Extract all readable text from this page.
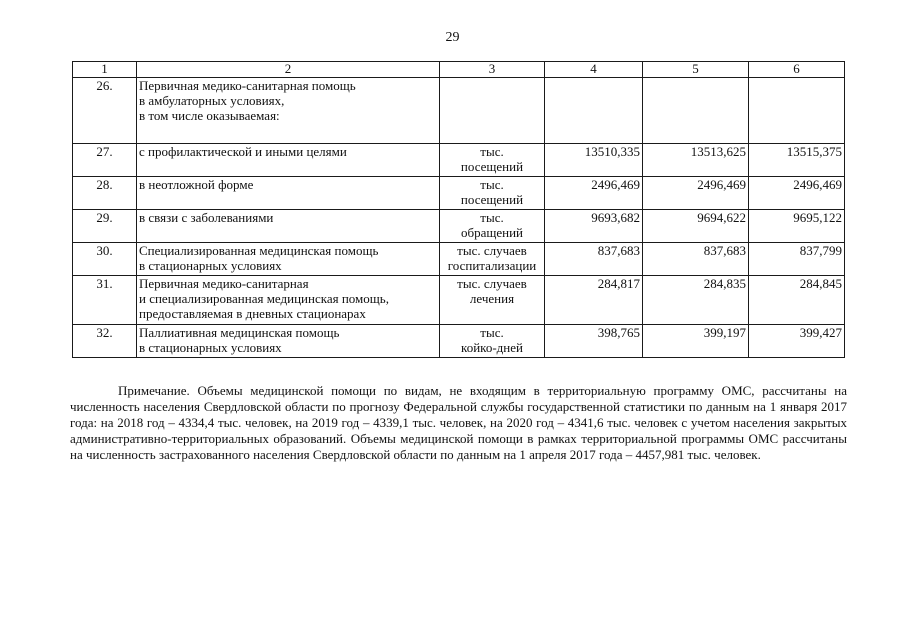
29
1	2	3	4	5	6
26.	Первичная медико-санитарная помощь
в амбулаторных условиях,
в том числе оказываемая:				

27.	с профилактической и иными целями	тыс.
посещений	13510,335	13513,625	13515,375
28.	в неотложной форме	тыс.
посещений	2496,469	2496,469	2496,469
29.	в связи с заболеваниями	тыс.
обращений	9693,682	9694,622	9695,122
30.	Специализированная медицинская помощь
в стационарных условиях	тыс. случаев
госпитализации	837,683	837,683	837,799
31.	Первичная медико-санитарная
и специализированная медицинская помощь,
предоставляемая в дневных стационарах	тыс. случаев
лечения	284,817	284,835	284,845
32.	Паллиативная медицинская помощь
в стационарных условиях	тыс.
койко-дней	398,765	399,197	399,427

Примечание. Объемы медицинской помощи по видам, не входящим в территориальную программу ОМС, рассчитаны на численность населения Свердловской области по прогнозу Федеральной службы государственной статистики по данным на 1 января 2017 года: на 2018 год – 4334,4 тыс. человек, на 2019 год – 4339,1 тыс. человек, на 2020 год – 4341,6 тыс. человек с учетом населения закрытых административно-территориальных образований. Объемы медицинской помощи в рамках территориальной программы ОМС рассчитаны на численность застрахованного населения Свердловской области по данным на 1 апреля 2017 года – 4457,981 тыс. человек.
